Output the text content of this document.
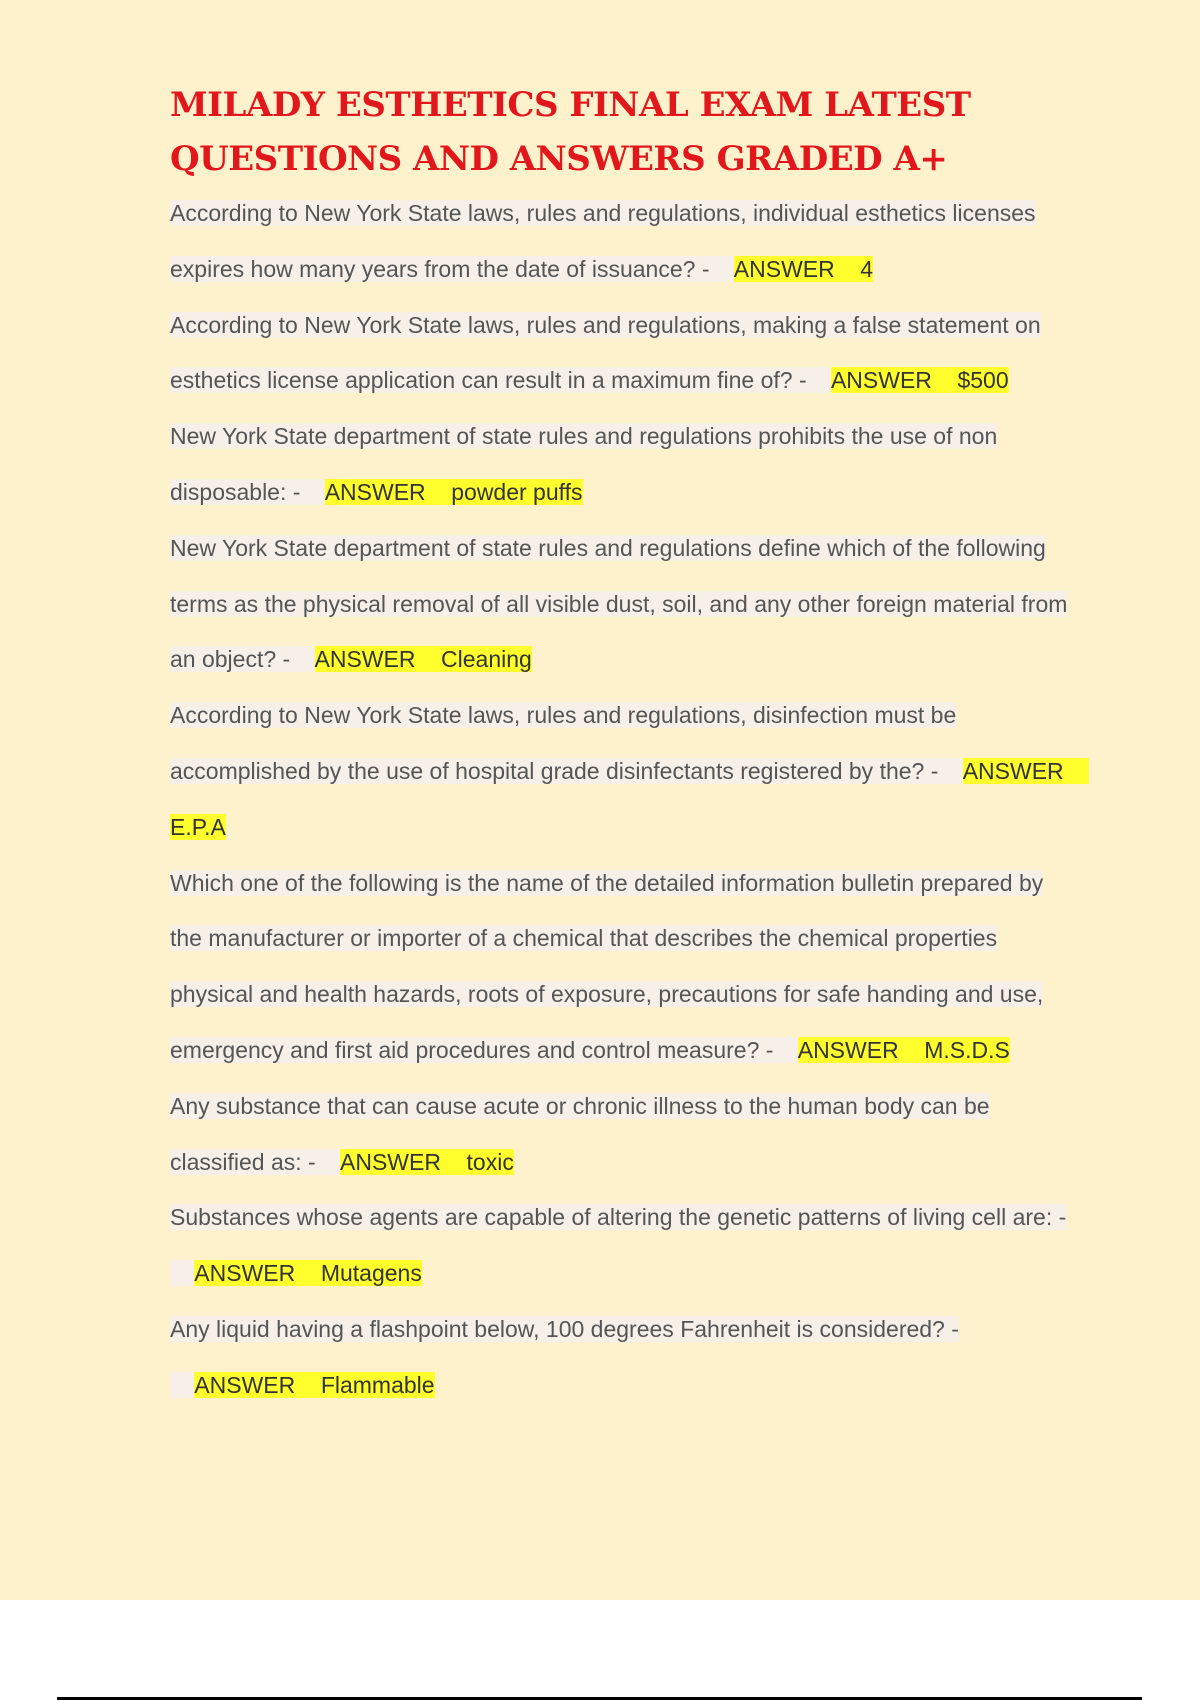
MILADY ESTHETICS FINAL EXAM LATEST QUESTIONS AND ANSWERS GRADED A+
According to New York State laws, rules and regulations, individual esthetics licenses expires how many years from the date of issuance? - ANSWER 4
According to New York State laws, rules and regulations, making a false statement on esthetics license application can result in a maximum fine of? - ANSWER $500
New York State department of state rules and regulations prohibits the use of non disposable: - ANSWER powder puffs
New York State department of state rules and regulations define which of the following terms as the physical removal of all visible dust, soil, and any other foreign material from an object? - ANSWER Cleaning
According to New York State laws, rules and regulations, disinfection must be accomplished by the use of hospital grade disinfectants registered by the? - ANSWER    E.P.A
Which one of the following is the name of the detailed information bulletin prepared by the manufacturer or importer of a chemical that describes the chemical properties physical and health hazards, roots of exposure, precautions for safe handing and use, emergency and first aid procedures and control measure? - ANSWER M.S.D.S
Any substance that can cause acute or chronic illness to the human body can be classified as: - ANSWER toxic
Substances whose agents are capable of altering the genetic patterns of living cell are: -    ANSWER Mutagens
Any liquid having a flashpoint below, 100 degrees Fahrenheit is considered? -    ANSWER Flammable
